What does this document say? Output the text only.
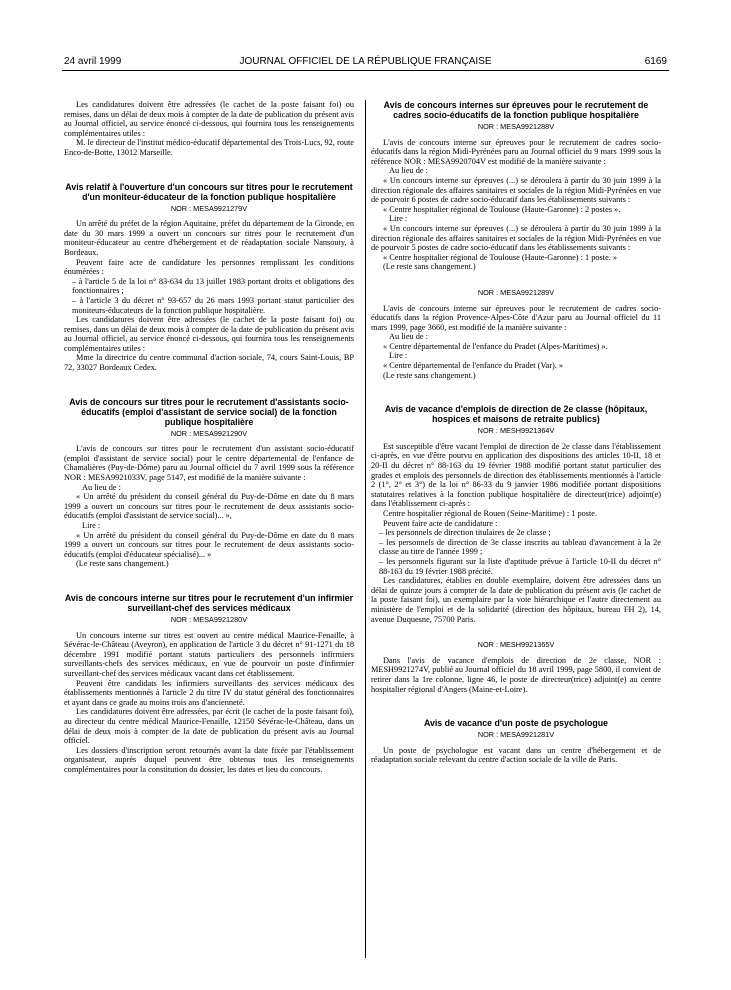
24 avril 1999	JOURNAL OFFICIEL DE LA RÉPUBLIQUE FRANÇAISE	6169

Les candidatures doivent être adressées (le cachet de la poste faisant foi) ou remises, dans un délai de deux mois à compter de la date de publication du présent avis au Journal officiel, au service énoncé ci-dessous, qui fournira tous les renseignements complémentaires utiles :

M. le directeur de l'institut médico-éducatif départemental des Trois-Lucs, 92, route Enco-de-Botte, 13012 Marseille.

Avis relatif à l'ouverture d'un concours sur titres pour le recrutement d'un moniteur-éducateur de la fonction publique hospitalière
NOR : MESA9921279V

Un arrêté du préfet de la région Aquitaine, préfet du département de la Gironde, en date du 30 mars 1999 a ouvert un concours sur titres pour le recrutement d'un moniteur-éducateur au centre d'hébergement et de réadaptation sociale Nansouty, à Bordeaux.

Peuvent faire acte de candidature les personnes remplissant les conditions énumérées :

– à l'article 5 de la loi n° 83-634 du 13 juillet 1983 portant droits et obligations des fonctionnaires ;

– à l'article 3 du décret n° 93-657 du 26 mars 1993 portant statut particulier des moniteurs-éducateurs de la fonction publique hospitalière.

Les candidatures doivent être adressées (le cachet de la poste faisant foi) ou remises, dans un délai de deux mois à compter de la date de publication du présent avis au Journal officiel, au service énoncé ci-dessous, qui fournira tous les renseignements complémentaires utiles :

Mme la directrice du centre communal d'action sociale, 74, cours Saint-Louis, BP 72, 33027 Bordeaux Cedex.

Avis de concours sur titres pour le recrutement d'assistants socio-éducatifs (emploi d'assistant de service social) de la fonction publique hospitalière
NOR : MESA9921290V

L'avis de concours sur titres pour le recrutement d'un assistant socio-éducatif (emploi d'assistant de service social) pour le centre départemental de l'enfance de Chamalières (Puy-de-Dôme) paru au Journal officiel du 7 avril 1999 sous la référence NOR : MESA9921033V, page 5147, est modifié de la manière suivante :

Au lieu de :

« Un arrêté du président du conseil général du Puy-de-Dôme en date du 8 mars 1999 a ouvert un concours sur titres pour le recrutement de deux assistants socio-éducatifs (emploi d'assistant de service social)... »,

Lire :

« Un arrêté du président du conseil général du Puy-de-Dôme en date du 8 mars 1999 a ouvert un concours sur titres pour le recrutement de deux assistants socio-éducatifs (emploi d'éducateur spécialisé)... »

(Le reste sans changement.)

Avis de concours interne sur titres pour le recrutement d'un infirmier surveillant-chef des services médicaux
NOR : MESA9921280V

Un concours interne sur titres est ouvert au centre médical Maurice-Fenaille, à Sévérac-le-Château (Aveyron), en application de l'article 3 du décret n° 91-1271 du 18 décembre 1991 modifié portant statuts particuliers des personnels infirmiers surveillants-chefs des services médicaux, en vue de pourvoir un poste d'infirmier surveillant-chef des services médicaux vacant dans cet établissement.

Peuvent être candidats les infirmiers surveillants des services médicaux des établissements mentionnés à l'article 2 du titre IV du statut général des fonctionnaires et ayant dans ce grade au moins trois ans d'ancienneté.

Les candidatures doivent être adressées, par écrit (le cachet de la poste faisant foi), au directeur du centre médical Maurice-Fenaille, 12150 Sévérac-le-Château, dans un délai de deux mois à compter de la date de publication du présent avis au Journal officiel.

Les dossiers d'inscription seront retournés avant la date fixée par l'établissement organisateur, auprès duquel peuvent être obtenus tous les renseignements complémentaires pour la constitution du dossier, les dates et lieu du concours.

Avis de concours internes sur épreuves pour le recrutement de cadres socio-éducatifs de la fonction publique hospitalière
NOR : MESA9921288V

L'avis de concours interne sur épreuves pour le recrutement de cadres socio-éducatifs dans la région Midi-Pyrénées paru au Journal officiel du 9 mars 1999 sous la référence NOR : MESA9920704V est modifié de la manière suivante :

Au lieu de :

« Un concours interne sur épreuves (...) se déroulera à partir du 30 juin 1999 à la direction régionale des affaires sanitaires et sociales de la région Midi-Pyrénées en vue de pourvoir 6 postes de cadre socio-éducatif dans les établissements suivants :

« Centre hospitalier régional de Toulouse (Haute-Garonne) : 2 postes ».

Lire :

« Un concours interne sur épreuves (...) se déroulera à partir du 30 juin 1999 à la direction régionale des affaires sanitaires et sociales de la région Midi-Pyrénées en vue de pourvoir 5 postes de cadre socio-éducatif dans les établissements suivants :

« Centre hospitalier régional de Toulouse (Haute-Garonne) : 1 poste. »

(Le reste sans changement.)

NOR : MESA9921289V

L'avis de concours interne sur épreuves pour le recrutement de cadres socio-éducatifs dans la région Provence-Alpes-Côte d'Azur paru au Journal officiel du 11 mars 1999, page 3660, est modifié de la manière suivante :

Au lieu de :

« Centre départemental de l'enfance du Pradet (Alpes-Maritimes) ».

Lire :

« Centre départemental de l'enfance du Pradet (Var). »

(Le reste sans changement.)

Avis de vacance d'emplois de direction de 2e classe (hôpitaux, hospices et maisons de retraite publics)
NOR : MESH9921364V

Est susceptible d'être vacant l'emploi de direction de 2e classe dans l'établissement ci-après, en vue d'être pourvu en application des dispositions des articles 10-II, 18 et 20-II du décret n° 88-163 du 19 février 1988 modifié portant statut particulier des grades et emplois des personnels de direction des établissements mentionnés à l'article 2 (1°, 2° et 3°) de la loi n° 86-33 du 9 janvier 1986 modifiée portant dispositions statutaires relatives à la fonction publique hospitalière de directeur(trice) adjoint(e) dans l'établissement ci-après :

Centre hospitalier régional de Rouen (Seine-Maritime) : 1 poste.

Peuvent faire acte de candidature :

– les personnels de direction titulaires de 2e classe ;

– les personnels de direction de 3e classe inscrits au tableau d'avancement à la 2e classe au titre de l'année 1999 ;

– les personnels figurant sur la liste d'aptitude prévue à l'article 10-II du décret n° 88-163 du 19 février 1988 précité.

Les candidatures, établies en double exemplaire, doivent être adressées dans un délai de quinze jours à compter de la date de publication du présent avis (le cachet de la poste faisant foi), un exemplaire par la voie hiérarchique et l'autre directement au ministère de l'emploi et de la solidarité (direction des hôpitaux, bureau FH 2), 14, avenue Duquesne, 75700 Paris.

NOR : MESH9921365V

Dans l'avis de vacance d'emplois de direction de 2e classe, NOR : MESH9921274V, publié au Journal officiel du 18 avril 1999, page 5800, il convient de retirer dans la 1re colonne, ligne 46, le poste de directeur(trice) adjoint(e) au centre hospitalier régional d'Angers (Maine-et-Loire).

Avis de vacance d'un poste de psychologue
NOR : MESA9921281V

Un poste de psychologue est vacant dans un centre d'hébergement et de réadaptation sociale relevant du centre d'action sociale de la ville de Paris.
